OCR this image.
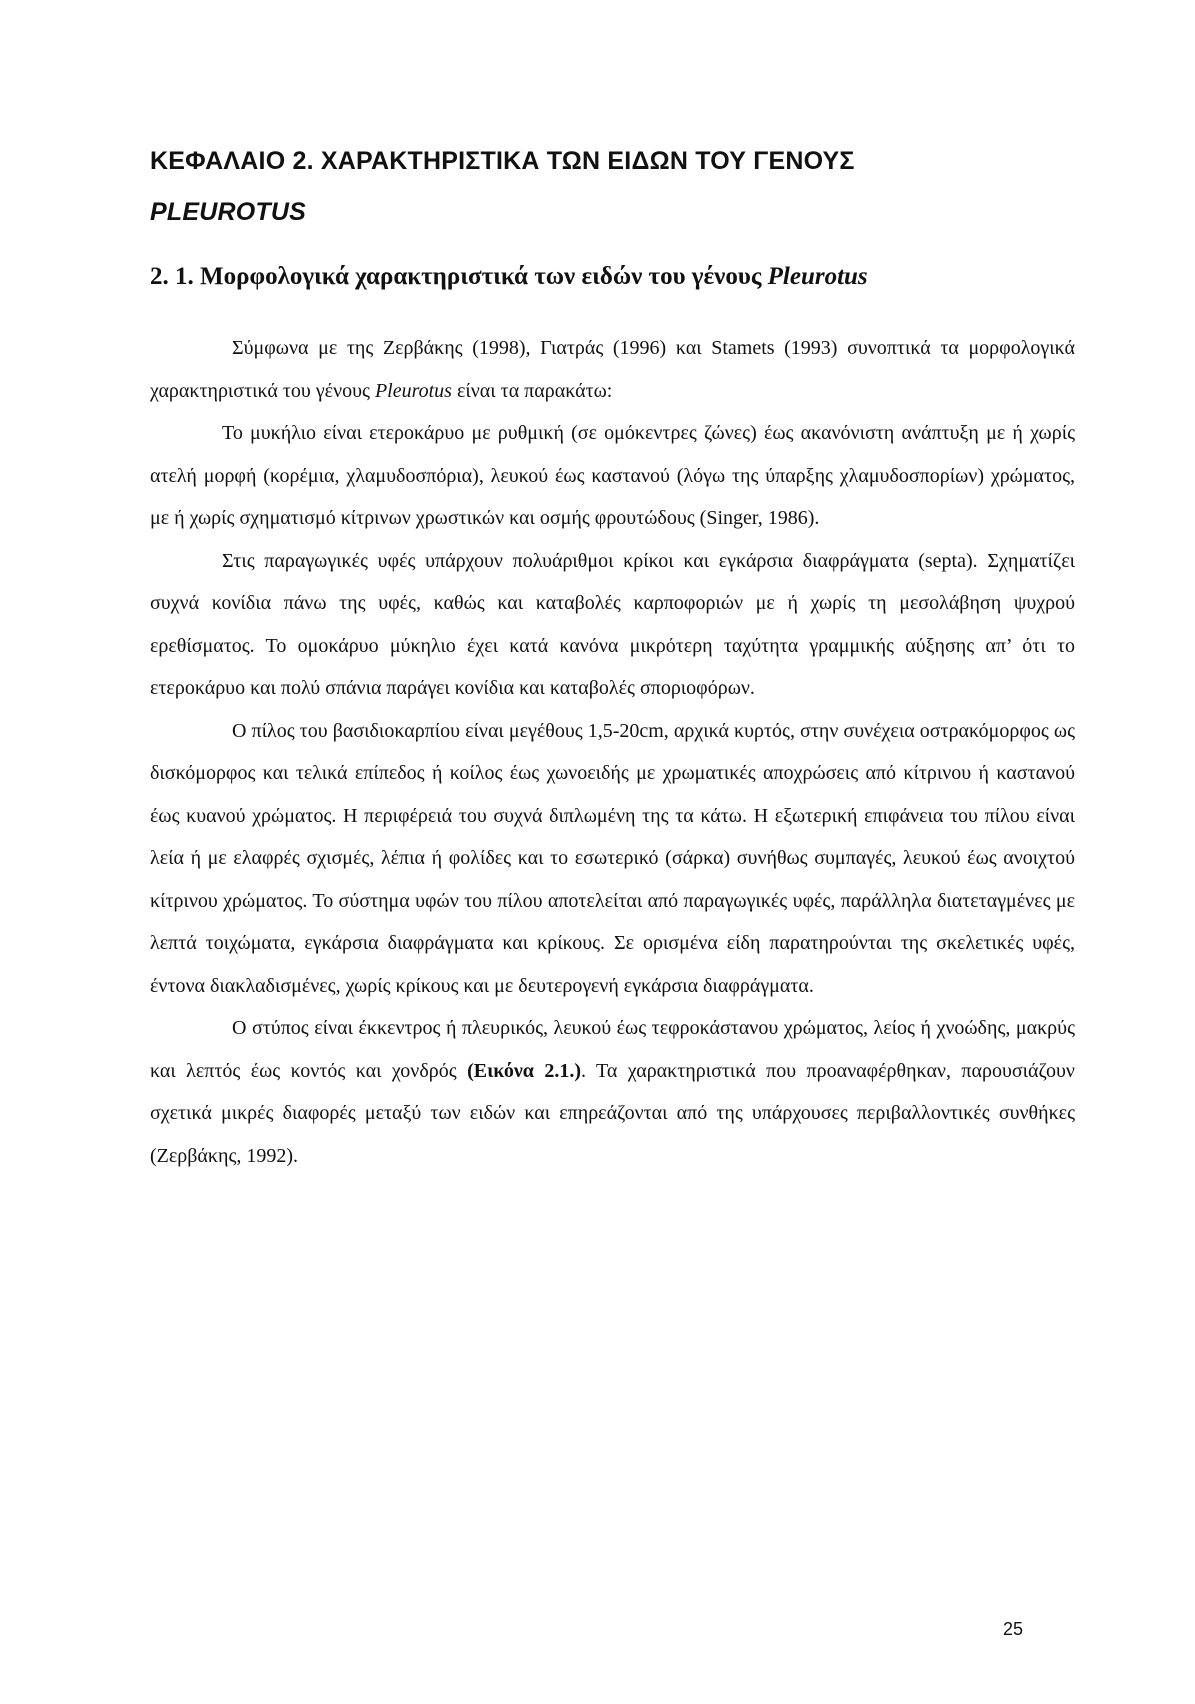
ΚΕΦΑΛΑΙΟ 2. ΧΑΡΑΚΤΗΡΙΣΤΙΚΑ ΤΩΝ ΕΙΔΩΝ ΤΟΥ ΓΕΝΟΥΣ
PLEUROTUS
2. 1. Μορφολογικά χαρακτηριστικά των ειδών του γένους Pleurotus

Σύμφωνα με της Ζερβάκης (1998), Γιατράς (1996) και Stamets (1993) συνοπτικά τα μορφολογικά χαρακτηριστικά του γένους Pleurotus είναι τα παρακάτω:

Το μυκήλιο είναι ετεροκάρυο με ρυθμική (σε ομόκεντρες ζώνες) έως ακανόνιστη ανάπτυξη με ή χωρίς ατελή μορφή (κορέμια, χλαμυδοσπόρια), λευκού έως καστανού (λόγω της ύπαρξης χλαμυδοσπορίων) χρώματος, με ή χωρίς σχηματισμό κίτρινων χρωστικών και οσμής φρουτώδους (Singer, 1986).

Στις παραγωγικές υφές υπάρχουν πολυάριθμοι κρίκοι και εγκάρσια διαφράγματα (septa). Σχηματίζει συχνά κονίδια πάνω της υφές, καθώς και καταβολές καρποφοριών με ή χωρίς τη μεσολάβηση ψυχρού ερεθίσματος. Το ομοκάρυο μύκηλιο έχει κατά κανόνα μικρότερη ταχύτητα γραμμικής αύξησης απ’ ότι το ετεροκάρυο και πολύ σπάνια παράγει κονίδια και καταβολές σποριοφόρων.

Ο πίλος του βασιδιοκαρπίου είναι μεγέθους 1,5-20cm, αρχικά κυρτός, στην συνέχεια οστρακόμορφος ως δισκόμορφος και τελικά επίπεδος ή κοίλος έως χωνοειδής με χρωματικές αποχρώσεις από κίτρινου ή καστανού έως κυανού χρώματος. Η περιφέρειά του συχνά διπλωμένη της τα κάτω. Η εξωτερική επιφάνεια του πίλου είναι λεία ή με ελαφρές σχισμές, λέπια ή φολίδες και το εσωτερικό (σάρκα) συνήθως συμπαγές, λευκού έως ανοιχτού κίτρινου χρώματος. Το σύστημα υφών του πίλου αποτελείται από παραγωγικές υφές, παράλληλα διατεταγμένες με λεπτά τοιχώματα, εγκάρσια διαφράγματα και κρίκους. Σε ορισμένα είδη παρατηρούνται της σκελετικές υφές, έντονα διακλαδισμένες, χωρίς κρίκους και με δευτερογενή εγκάρσια διαφράγματα.

Ο στύπος είναι έκκεντρος ή πλευρικός, λευκού έως τεφροκάστανου χρώματος, λείος ή χνοώδης, μακρύς και λεπτός έως κοντός και χονδρός (Εικόνα 2.1.). Τα χαρακτηριστικά που προαναφέρθηκαν, παρουσιάζουν σχετικά μικρές διαφορές μεταξύ των ειδών και επηρεάζονται από της υπάρχουσες περιβαλλοντικές συνθήκες (Ζερβάκης, 1992).

25
